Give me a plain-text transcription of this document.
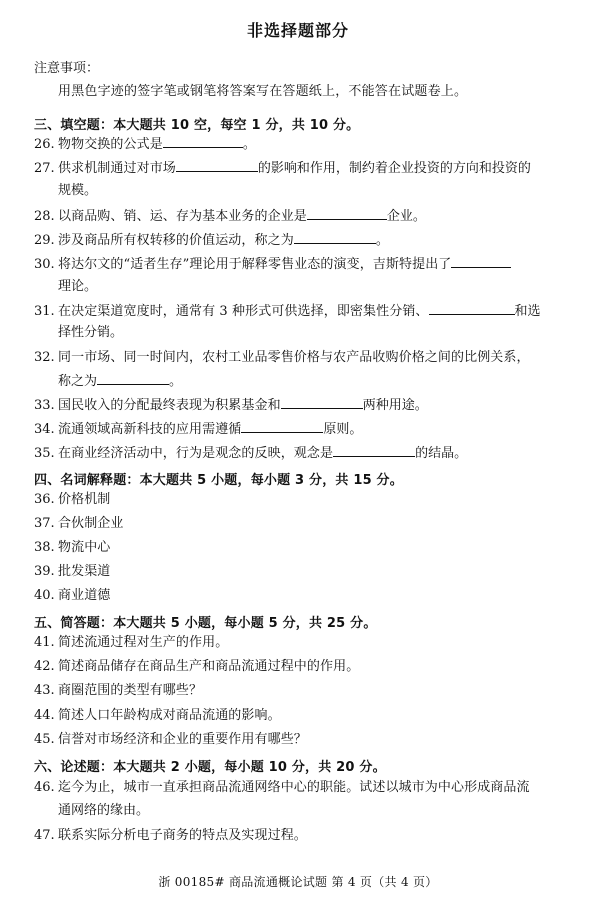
非选择题部分
注意事项：
用黑色字迹的签字笔或钢笔将答案写在答题纸上，不能答在试题卷上。
三、填空题：本大题共 10 空，每空 1 分，共 10 分。
26. 物物交换的公式是	。
27. 供求机制通过对市场	的影响和作用，制约着企业投资的方向和投资的
规模。
28. 以商品购、销、运、存为基本业务的企业是	企业。
29. 涉及商品所有权转移的价值运动，称之为	。
30. 将达尔文的“适者生存”理论用于解释零售业态的演变，吉斯特提出了
理论。
31. 在决定渠道宽度时，通常有 3 种形式可供选择，即密集性分销、	和选
择性分销。
32. 同一市场、同一时间内，农村工业品零售价格与农产品收购价格之间的比例关系，
称之为	。
33. 国民收入的分配最终表现为积累基金和	两种用途。
34. 流通领域高新科技的应用需遵循	原则。
35. 在商业经济活动中，行为是观念的反映，观念是	的结晶。
四、名词解释题：本大题共 5 小题，每小题 3 分，共 15 分。
36. 价格机制
37. 合伙制企业
38. 物流中心
39. 批发渠道
40. 商业道德
五、简答题：本大题共 5 小题，每小题 5 分，共 25 分。
41. 简述流通过程对生产的作用。
42. 简述商品储存在商品生产和商品流通过程中的作用。
43. 商圈范围的类型有哪些？
44. 简述人口年龄构成对商品流通的影响。
45. 信誉对市场经济和企业的重要作用有哪些？
六、论述题：本大题共 2 小题，每小题 10 分，共 20 分。
46. 迄今为止，城市一直承担商品流通网络中心的职能。试述以城市为中心形成商品流
通网络的缘由。
47. 联系实际分析电子商务的特点及实现过程。
浙 00185# 商品流通概论试题 第 4 页（共 4 页）
